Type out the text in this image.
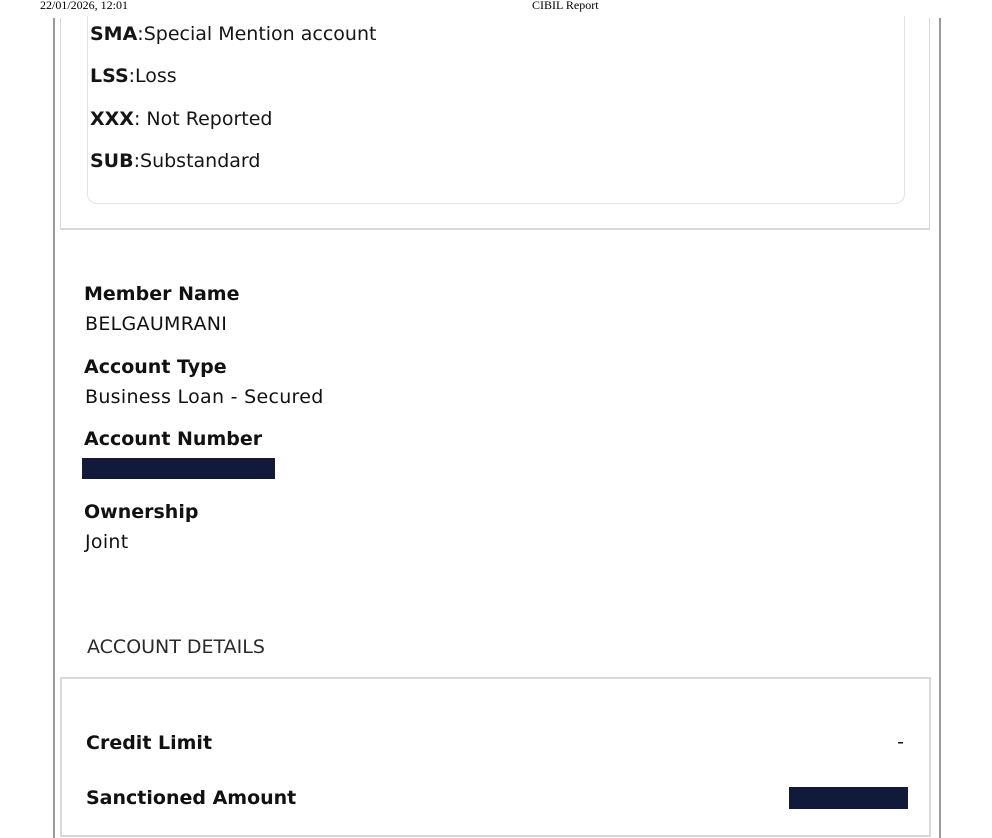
22/01/2026, 12:01	CIBIL Report
SMA:Special Mention account
LSS:Loss
XXX: Not Reported
SUB:Substandard
Member Name
BELGAUMRANI
Account Type
Business Loan - Secured
Account Number
Ownership
Joint
ACCOUNT DETAILS
Credit Limit	-
Sanctioned Amount
